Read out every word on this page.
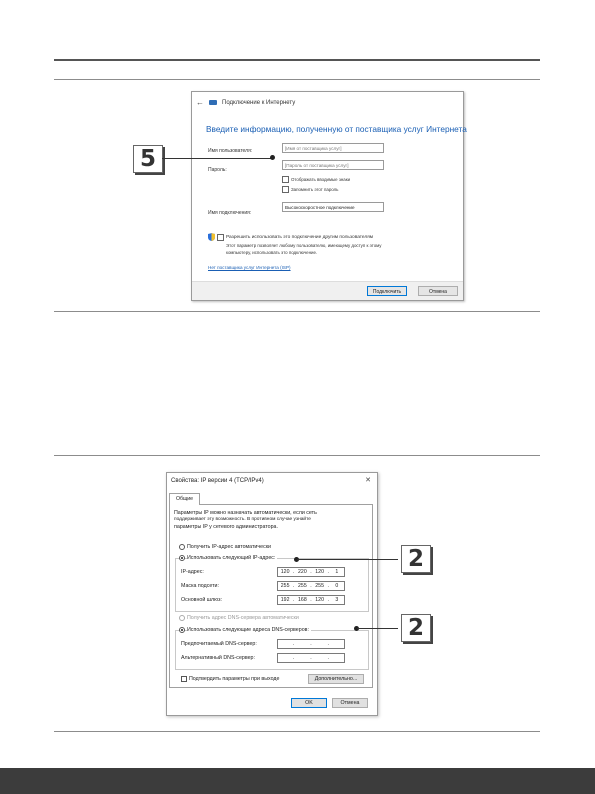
←	Подключение к Интернету
Введите информацию, полученную от поставщика услуг Интернета
Имя пользователя:	[Имя от поставщика услуг]
Пароль:
[Пароль от поставщика услуг]
Отображать вводимые знаки
Запомнить этот пароль
Имя подключения:
Высокоскоростное подключение
Разрешить использовать это подключение другим пользователям
Этот параметр позволяет любому пользователю, имеющему доступ к этому
компьютеру, использовать это подключение.
Нет поставщика услуг Интернета (ISP)
Подключить	Отмена
5
Свойства: IP версии 4 (TCP/IPv4)	✕
Общие
Параметры IP можно назначать автоматически, если сеть
поддерживает эту возможность. В противном случае узнайте
параметры IP у сетевого администратора.
Получить IP-адрес автоматически
Использовать следующий IP-адрес:
IP-адрес:	120 . 220 . 120 .	1
Маска подсети:	255 . 255 . 255 .	0
Основной шлюз:	192 . 168 . 120 .	3
Получить адрес DNS-сервера автоматически
Использовать следующие адреса DNS-серверов:
Предпочитаемый DNS-сервер:	.	.	.
Альтернативный DNS-сервер:	.	.	.
Подтвердить параметры при выходе	Дополнительно...
OK	Отмена
2
2
